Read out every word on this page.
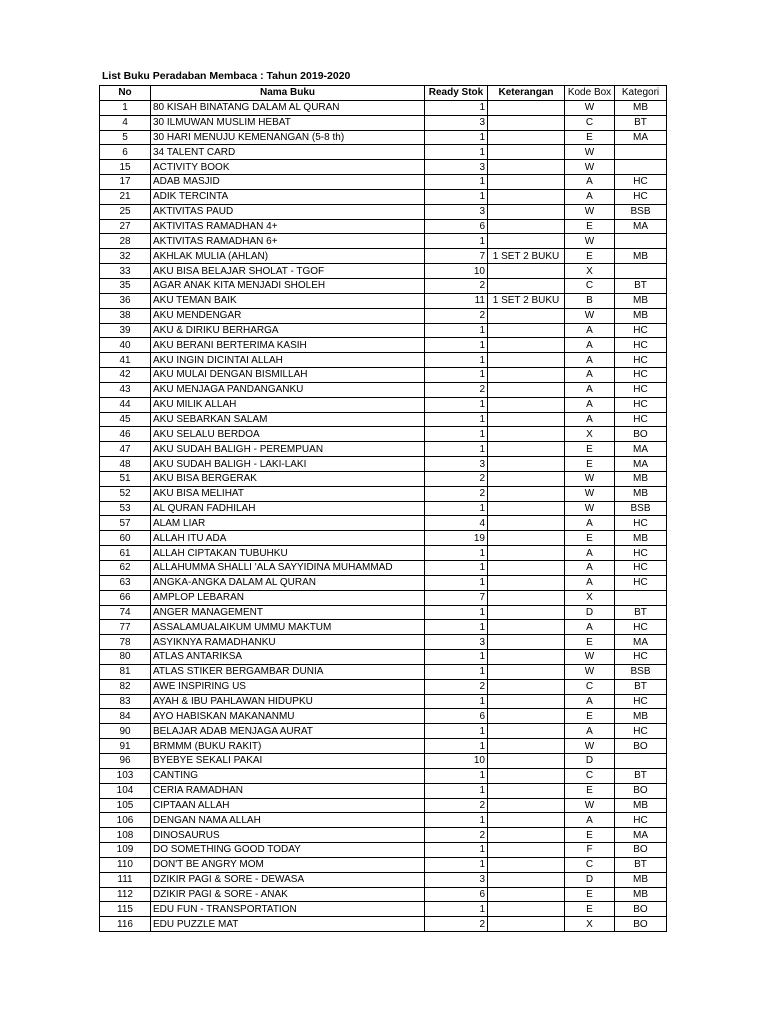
List Buku Peradaban Membaca : Tahun 2019-2020
No	Nama Buku	Ready Stok	Keterangan	Kode Box	Kategori
1	80 KISAH BINATANG DALAM AL QURAN	1		W	MB
4	30 ILMUWAN MUSLIM HEBAT	3		C	BT
5	30 HARI MENUJU KEMENANGAN (5-8 th)	1		E	MA
6	34 TALENT CARD	1		W	
15	ACTIVITY BOOK	3		W	
17	ADAB MASJID	1		A	HC
21	ADIK TERCINTA	1		A	HC
25	AKTIVITAS PAUD	3		W	BSB
27	AKTIVITAS RAMADHAN 4+	6		E	MA
28	AKTIVITAS RAMADHAN 6+	1		W	
32	AKHLAK MULIA (AHLAN)	7	1 SET 2 BUKU	E	MB
33	AKU BISA BELAJAR SHOLAT - TGOF	10		X	
35	AGAR ANAK KITA MENJADI SHOLEH	2		C	BT
36	AKU TEMAN BAIK	11	1 SET 2 BUKU	B	MB
38	AKU MENDENGAR	2		W	MB
39	AKU & DIRIKU BERHARGA	1		A	HC
40	AKU BERANI BERTERIMA KASIH	1		A	HC
41	AKU INGIN DICINTAI ALLAH	1		A	HC
42	AKU MULAI DENGAN BISMILLAH	1		A	HC
43	AKU MENJAGA PANDANGANKU	2		A	HC
44	AKU MILIK ALLAH	1		A	HC
45	AKU SEBARKAN SALAM	1		A	HC
46	AKU SELALU BERDOA	1		X	BO
47	AKU SUDAH BALIGH - PEREMPUAN	1		E	MA
48	AKU SUDAH BALIGH - LAKI-LAKI	3		E	MA
51	AKU BISA BERGERAK	2		W	MB
52	AKU BISA MELIHAT	2		W	MB
53	AL QURAN FADHILAH	1		W	BSB
57	ALAM LIAR	4		A	HC
60	ALLAH ITU ADA	19		E	MB
61	ALLAH CIPTAKAN TUBUHKU	1		A	HC
62	ALLAHUMMA SHALLI 'ALA SAYYIDINA MUHAMMAD	1		A	HC
63	ANGKA-ANGKA DALAM AL QURAN	1		A	HC
66	AMPLOP LEBARAN	7		X	
74	ANGER MANAGEMENT	1		D	BT
77	ASSALAMUALAIKUM UMMU MAKTUM	1		A	HC
78	ASYIKNYA RAMADHANKU	3		E	MA
80	ATLAS ANTARIKSA	1		W	HC
81	ATLAS STIKER BERGAMBAR DUNIA	1		W	BSB
82	AWE INSPIRING US	2		C	BT
83	AYAH & IBU PAHLAWAN HIDUPKU	1		A	HC
84	AYO HABISKAN MAKANANMU	6		E	MB
90	BELAJAR ADAB MENJAGA AURAT	1		A	HC
91	BRMMM (BUKU RAKIT)	1		W	BO
96	BYEBYE SEKALI PAKAI	10		D	
103	CANTING	1		C	BT
104	CERIA RAMADHAN	1		E	BO
105	CIPTAAN ALLAH	2		W	MB
106	DENGAN NAMA ALLAH	1		A	HC
108	DINOSAURUS	2		E	MA
109	DO SOMETHING GOOD TODAY	1		F	BO
110	DON'T BE ANGRY MOM	1		C	BT
111	DZIKIR PAGI & SORE - DEWASA	3		D	MB
112	DZIKIR PAGI & SORE - ANAK	6		E	MB
115	EDU FUN - TRANSPORTATION	1		E	BO
116	EDU PUZZLE MAT	2		X	BO
